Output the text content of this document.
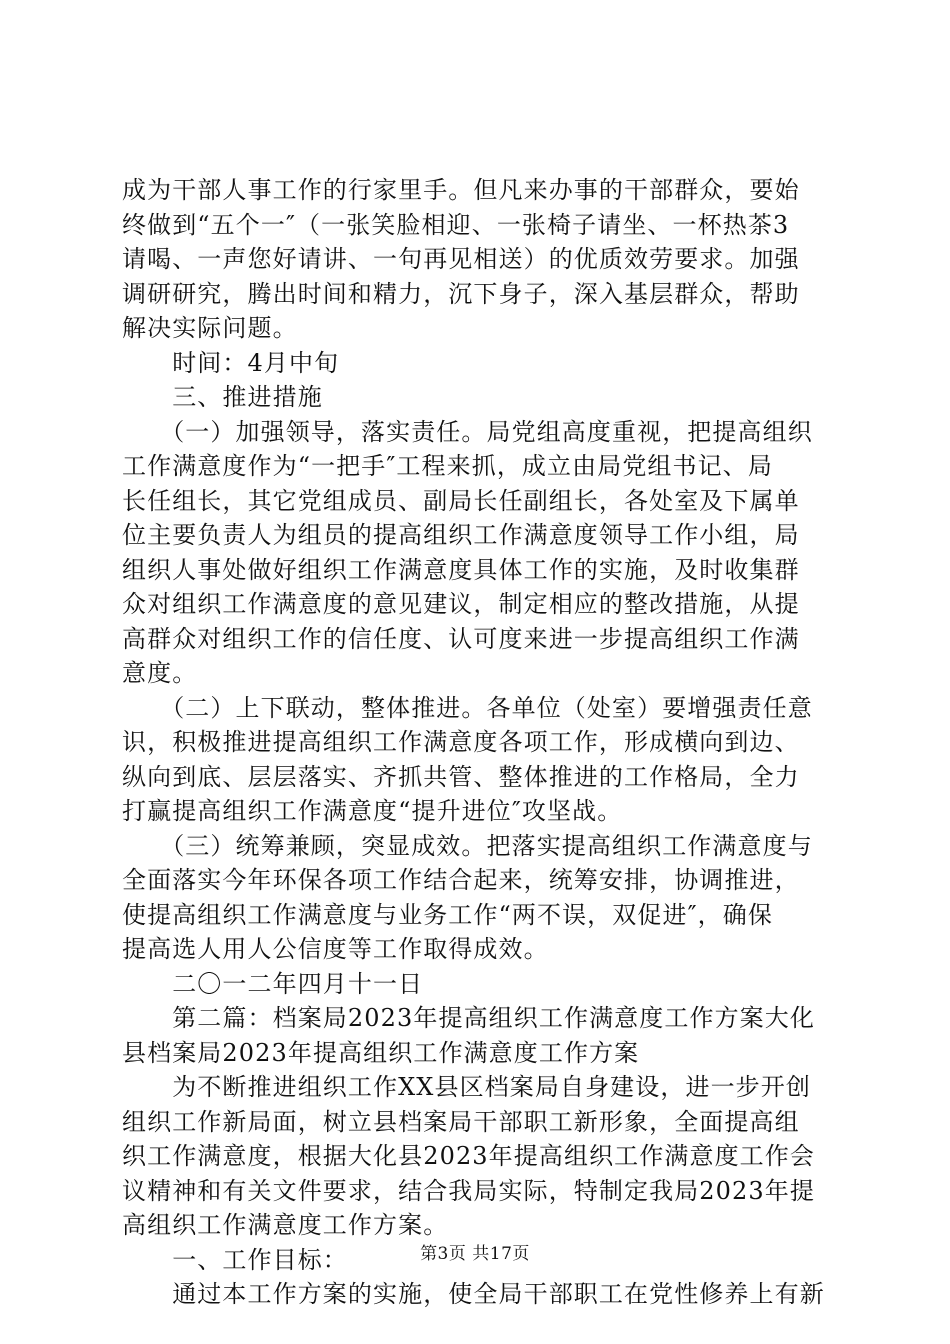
成为干部人事工作的行家里手。但凡来办事的干部群众，要始
终做到“五个一″（一张笑脸相迎、一张椅子请坐、一杯热茶3
请喝、一声您好请讲、一句再见相送）的优质效劳要求。加强
调研研究，腾出时间和精力，沉下身子，深入基层群众，帮助
解决实际问题。
　　时间：4月中旬
　　三、推进措施
　　（一）加强领导，落实责任。局党组高度重视，把提高组织
工作满意度作为“一把手″工程来抓，成立由局党组书记、局
长任组长，其它党组成员、副局长任副组长，各处室及下属单
位主要负责人为组员的提高组织工作满意度领导工作小组，局
组织人事处做好组织工作满意度具体工作的实施，及时收集群
众对组织工作满意度的意见建议，制定相应的整改措施，从提
高群众对组织工作的信任度、认可度来进一步提高组织工作满
意度。
　　（二）上下联动，整体推进。各单位（处室）要增强责任意
识，积极推进提高组织工作满意度各项工作，形成横向到边、
纵向到底、层层落实、齐抓共管、整体推进的工作格局，全力
打赢提高组织工作满意度“提升进位″攻坚战。
　　（三）统筹兼顾，突显成效。把落实提高组织工作满意度与
全面落实今年环保各项工作结合起来，统筹安排，协调推进，
使提高组织工作满意度与业务工作“两不误，双促进″，确保
提高选人用人公信度等工作取得成效。
　　二〇一二年四月十一日
　　第二篇：档案局2023年提高组织工作满意度工作方案大化
县档案局2023年提高组织工作满意度工作方案
　　为不断推进组织工作XX县区档案局自身建设，进一步开创
组织工作新局面，树立县档案局干部职工新形象，全面提高组
织工作满意度，根据大化县2023年提高组织工作满意度工作会
议精神和有关文件要求，结合我局实际，特制定我局2023年提
高组织工作满意度工作方案。
　　一、工作目标：
　　通过本工作方案的实施，使全局干部职工在党性修养上有新
第3页 共17页
